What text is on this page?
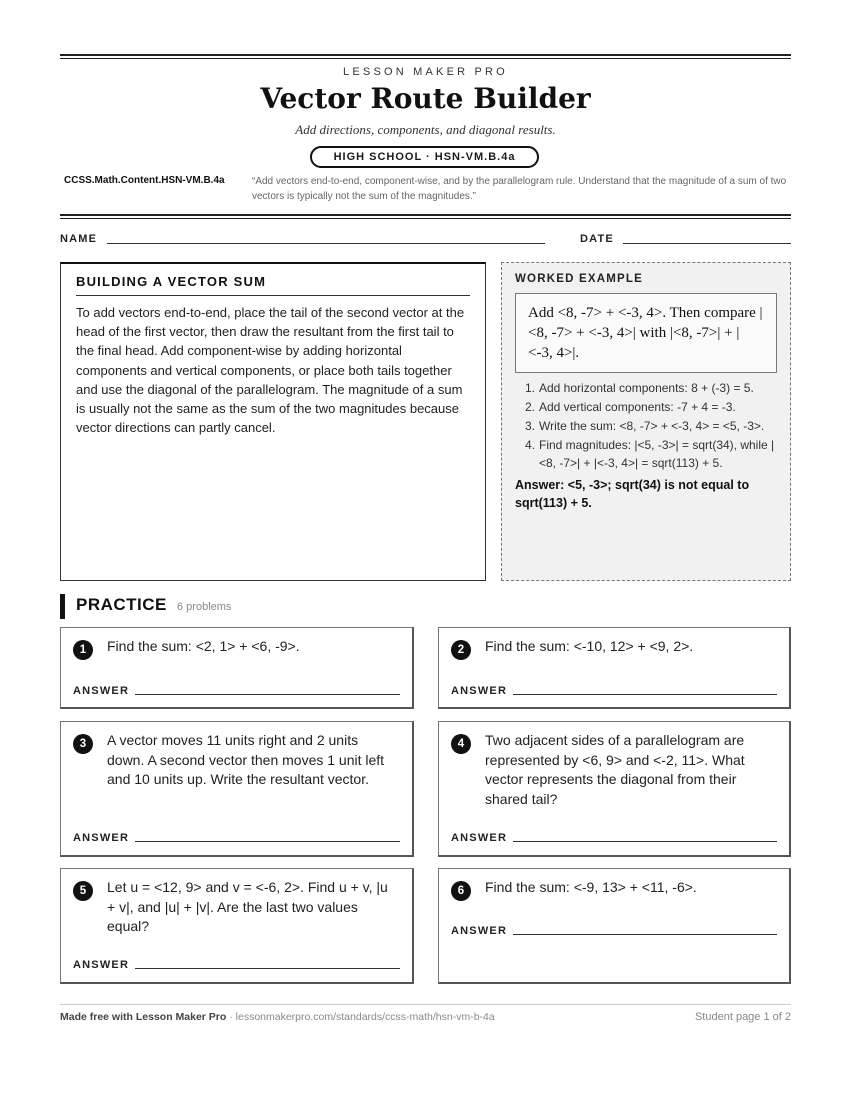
LESSON MAKER PRO
Vector Route Builder
Add directions, components, and diagonal results.
HIGH SCHOOL · HSN-VM.B.4a
CCSS.Math.Content.HSN-VM.B.4a	“Add vectors end-to-end, component-wise, and by the parallelogram rule. Understand that the magnitude of a sum of two vectors is typically not the sum of the magnitudes.”
NAME	DATE
BUILDING A VECTOR SUM
To add vectors end-to-end, place the tail of the second vector at the head of the first vector, then draw the resultant from the first tail to the final head. Add component-wise by adding horizontal components and vertical components, or place both tails together and use the diagonal of the parallelogram. The magnitude of a sum is usually not the same as the sum of the two magnitudes because vector directions can partly cancel.
WORKED EXAMPLE
Add <8, -7> + <-3, 4>. Then compare |<8, -7> + <-3, 4>| with |<8, -7>| + |<-3, 4>|.
1. Add horizontal components: 8 + (-3) = 5.
2. Add vertical components: -7 + 4 = -3.
3. Write the sum: <8, -7> + <-3, 4> = <5, -3>.
4. Find magnitudes: |<5, -3>| = sqrt(34), while |<8, -7>| + |<-3, 4>| = sqrt(113) + 5.
Answer: <5, -3>; sqrt(34) is not equal to sqrt(113) + 5.
PRACTICE 6 problems
1	Find the sum: <2, 1> + <6, -9>.
ANSWER
2	Find the sum: <-10, 12> + <9, 2>.
ANSWER
3	A vector moves 11 units right and 2 units down. A second vector then moves 1 unit left and 10 units up. Write the resultant vector.
ANSWER
4	Two adjacent sides of a parallelogram are represented by <6, 9> and <-2, 11>. What vector represents the diagonal from their shared tail?
ANSWER
5	Let u = <12, 9> and v = <-6, 2>. Find u + v, |u + v|, and |u| + |v|. Are the last two values equal?
ANSWER
6	Find the sum: <-9, 13> + <11, -6>.
ANSWER
Made free with Lesson Maker Pro · lessonmakerpro.com/standards/ccss-math/hsn-vm-b-4a	Student page 1 of 2
